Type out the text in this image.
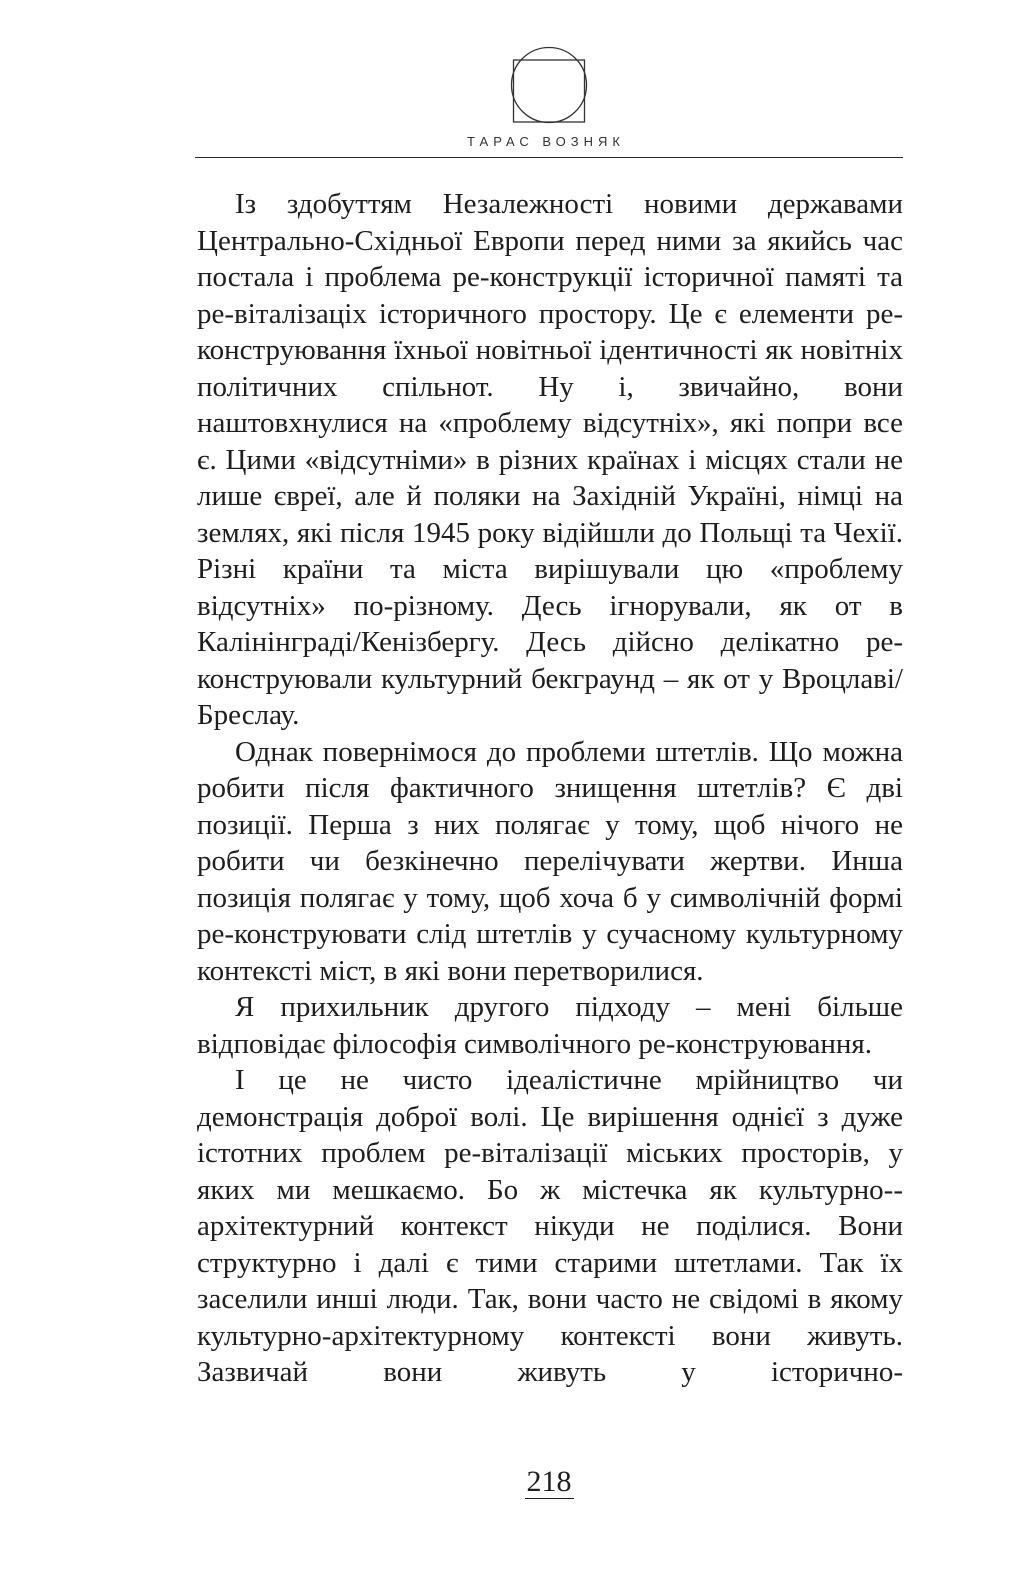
ТАРАС ВОЗНЯК

Із здобуттям Незалежності новими державами Центрально-Східньої Европи перед ними за якийсь час постала і проблема ре-конструкції історичної памяті та ре-віталізаціх історичного простору. Це є елементи ре-конструювання їхньої новітньої ідентичності як новітніх політичних спільнот. Ну і, звичайно, вони наштовхнулися на «проблему відсутніх», які попри все є. Цими «відсутніми» в різних країнах і місцях стали не лише євреї, але й поляки на Західній Україні, німці на землях, які після 1945 року відійшли до Польщі та Чехії. Різні країни та міста вирішували цю «проблему відсутніх» по-різному. Десь ігнорували, як от в Калінінграді/Кенізбергу. Десь дійсно делікатно ре-конструювали культурний бекграунд – як от у Вроцлаві/Бреслау.

Однак повернімося до проблеми штетлів. Що можна робити після фактичного знищення штетлів? Є дві позиції. Перша з них полягає у тому, щоб нічого не робити чи безкінечно перелічувати жертви. Инша позиція полягає у тому, щоб хоча б у символічній формі ре-конструювати слід штетлів у сучасному культурному контексті міст, в які вони перетворилися.

Я прихильник другого підходу – мені більше відповідає філософія символічного ре-конструювання.

І це не чисто ідеалістичне мрійництво чи демонстрація доброї волі. Це вирішення однієї з дуже істотних проблем ре-віталізації міських просторів, у яких ми мешкаємо. Бо ж містечка як культурно--архітектурний контекст нікуди не поділися. Вони структурно і далі є тими старими штетлами. Так їх заселили инші люди. Так, вони часто не свідомі в якому культурно-архітектурному контексті вони живуть. Зазвичай вони живуть у історично-

218
